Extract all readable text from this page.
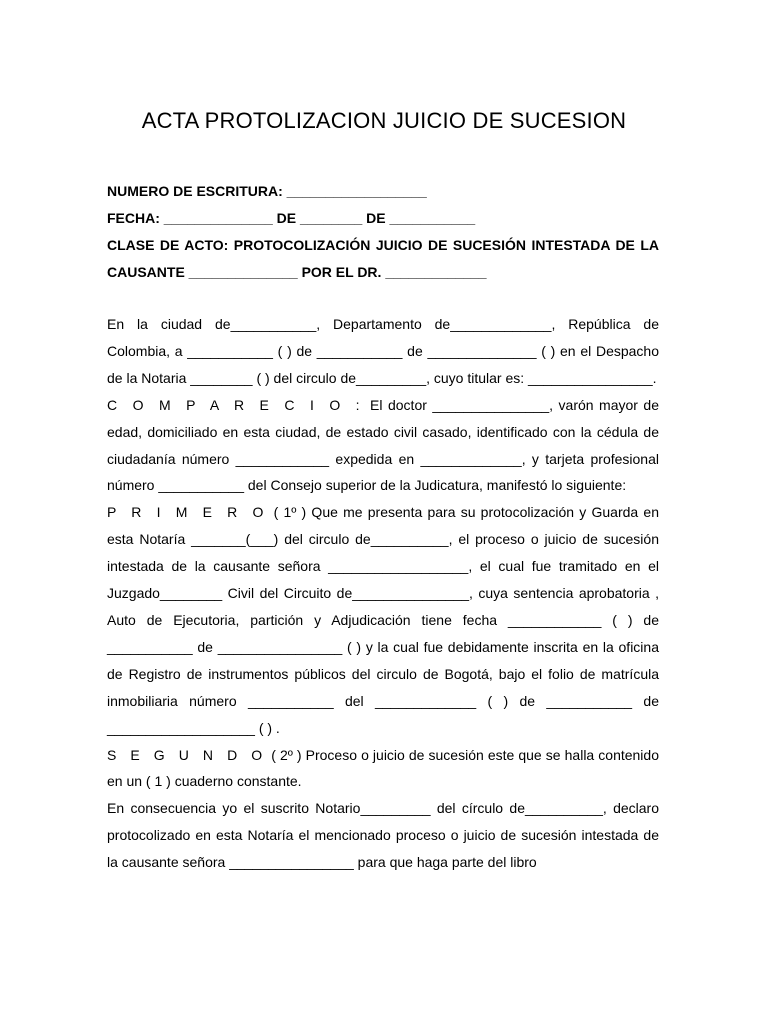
ACTA PROTOLIZACION JUICIO DE SUCESION

NUMERO DE ESCRITURA: __________________

FECHA: ______________ DE ________ DE ___________

CLASE DE ACTO: PROTOCOLIZACIÓN JUICIO DE SUCESIÓN INTESTADA DE LA CAUSANTE ______________ POR EL DR. _____________

En la ciudad de___________, Departamento de_____________, República de Colombia, a ___________ ( ) de ___________ de ______________ ( ) en el Despacho de la Notaria ________ ( ) del circulo de_________, cuyo titular es: ________________.

C O M P A R E C I O : El doctor _______________, varón mayor de edad, domiciliado en esta ciudad, de estado civil casado, identificado con la cédula de ciudadanía número ____________ expedida en _____________, y tarjeta profesional número ___________ del Consejo superior de la Judicatura, manifestó lo siguiente:

P R I M E R O ( 1º ) Que me presenta para su protocolización y Guarda en esta Notaría _______(___) del circulo de__________, el proceso o juicio de sucesión intestada de la causante señora __________________, el cual fue tramitado en el Juzgado________ Civil del Circuito de_______________, cuya sentencia aprobatoria , Auto de Ejecutoria, partición y Adjudicación tiene fecha ____________ ( ) de ___________ de ________________ ( ) y la cual fue debidamente inscrita en la oficina de Registro de instrumentos públicos del circulo de Bogotá, bajo el folio de matrícula inmobiliaria número ___________ del _____________ ( ) de ___________ de ___________________ ( ) .

S E G U N D O ( 2º ) Proceso o juicio de sucesión este que se halla contenido en un ( 1 ) cuaderno constante.

En consecuencia yo el suscrito Notario_________ del círculo de__________, declaro protocolizado en esta Notaría el mencionado proceso o juicio de sucesión intestada de la causante señora ________________ para que haga parte del libro
